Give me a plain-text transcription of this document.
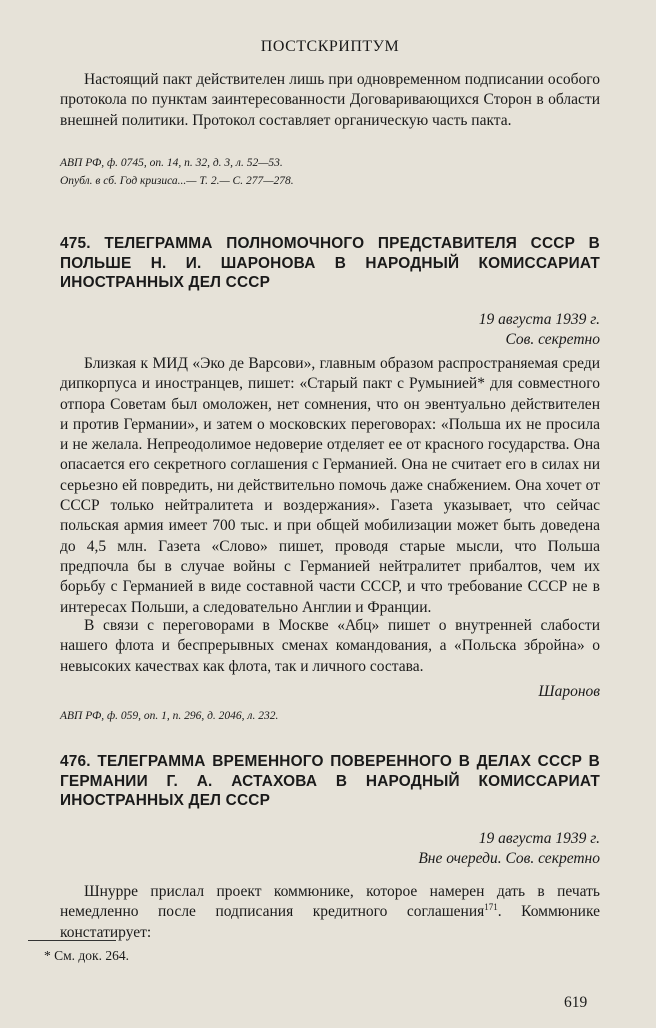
ПОСТСКРИПТУМ

Настоящий пакт действителен лишь при одновременном подписании особого протокола по пунктам заинтересованности Договаривающихся Сторон в области внешней политики. Протокол составляет органическую часть пакта.

АВП РФ, ф. 0745, оп. 14, п. 32, д. 3, л. 52—53.

Опубл. в сб. Год кризиса...— Т. 2.— С. 277—278.

475. ТЕЛЕГРАММА ПОЛНОМОЧНОГО ПРЕДСТАВИТЕЛЯ СССР В ПОЛЬШЕ Н. И. ШАРОНОВА В НАРОДНЫЙ КОМИССАРИАТ ИНОСТРАННЫХ ДЕЛ СССР

19 августа 1939 г.

Сов. секретно

Близкая к МИД «Эко де Варсови», главным образом распространяемая среди дипкорпуса и иностранцев, пишет: «Старый пакт с Румынией* для совместного отпора Советам был омоложен, нет сомнения, что он эвентуально действителен и против Германии», и затем о московских переговорах: «Польша их не просила и не желала. Непреодолимое недоверие отделяет ее от красного государства. Она опасается его секретного соглашения с Германией. Она не считает его в силах ни серьезно ей повредить, ни действительно помочь даже снабжением. Она хочет от СССР только нейтралитета и воздержания». Газета указывает, что сейчас польская армия имеет 700 тыс. и при общей мобилизации может быть доведена до 4,5 млн. Газета «Слово» пишет, проводя старые мысли, что Польша предпочла бы в случае войны с Германией нейтралитет прибалтов, чем их борьбу с Германией в виде составной части СССР, и что требование СССР не в интересах Польши, а следовательно Англии и Франции.

В связи с переговорами в Москве «Абц» пишет о внутренней слабости нашего флота и беспрерывных сменах командования, а «Польска збройна» о невысоких качествах как флота, так и личного состава.

Шаронов

АВП РФ, ф. 059, оп. 1, п. 296, д. 2046, л. 232.

476. ТЕЛЕГРАММА ВРЕМЕННОГО ПОВЕРЕННОГО В ДЕЛАХ СССР В ГЕРМАНИИ Г. А. АСТАХОВА В НАРОДНЫЙ КОМИССАРИАТ ИНОСТРАННЫХ ДЕЛ СССР

19 августа 1939 г.

Вне очереди. Сов. секретно

Шнурре прислал проект коммюнике, которое намерен дать в печать немедленно после подписания кредитного соглашения$^{171}$. Коммюнике констатирует:

* См. док. 264.

619
